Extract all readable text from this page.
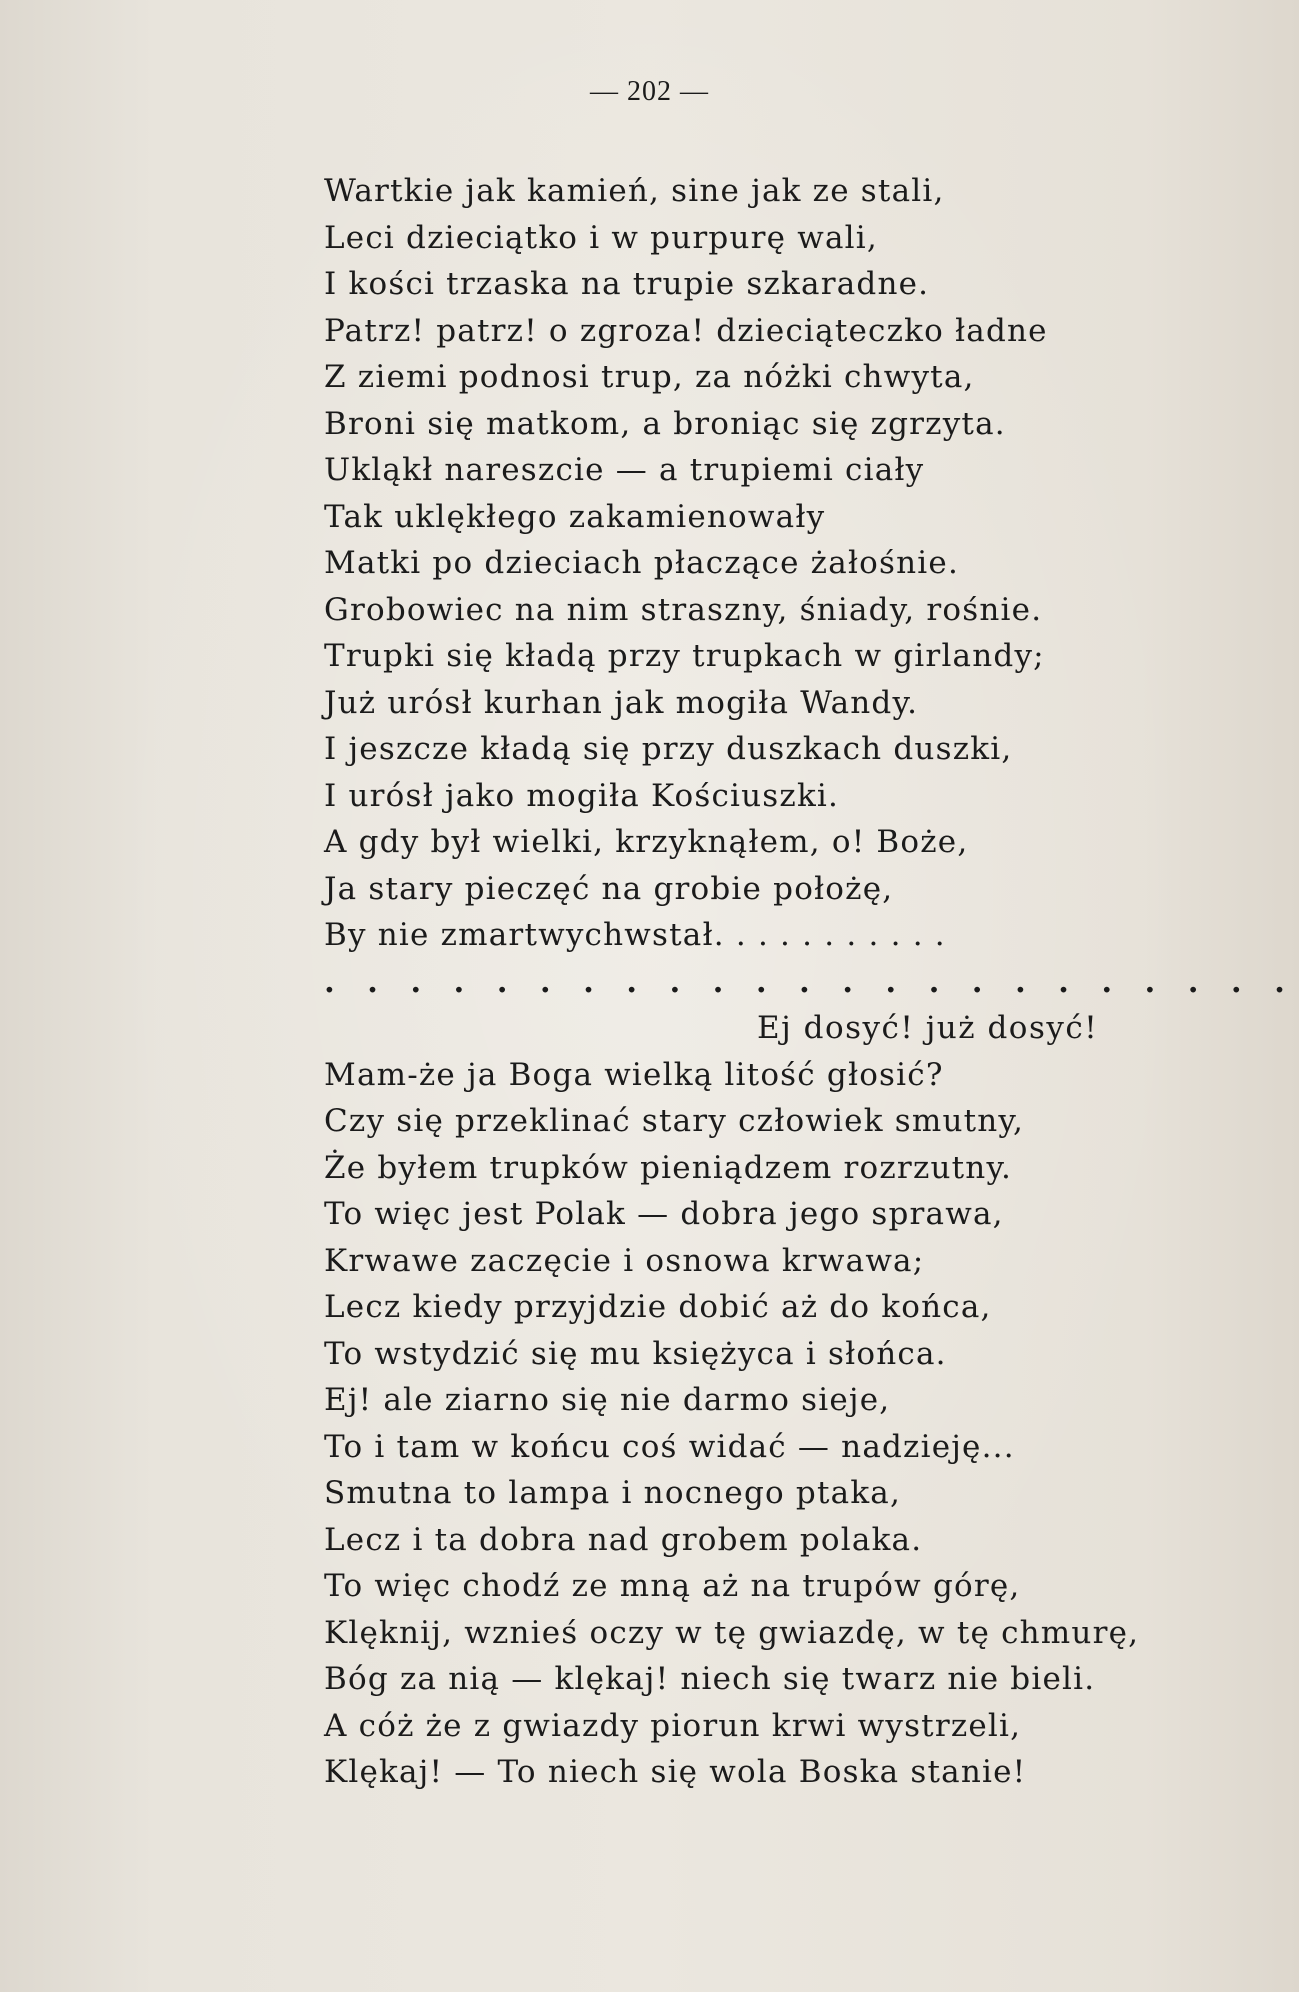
— 202 —
Wartkie jak kamień, sine jak ze stali,
Leci dzieciątko i w purpurę wali,
I kości trzaska na trupie szkaradne.
Patrz! patrz! o zgroza! dzieciąteczko ładne
Z ziemi podnosi trup, za nóżki chwyta,
Broni się matkom, a broniąc się zgrzyta.
Ukląkł nareszcie — a trupiemi ciały
Tak uklękłego zakamienowały
Matki po dzieciach płaczące żałośnie.
Grobowiec na nim straszny, śniady, rośnie.
Trupki się kładą przy trupkach w girlandy;
Już urósł kurhan jak mogiła Wandy.
I jeszcze kładą się przy duszkach duszki,
I urósł jako mogiła Kościuszki.
A gdy był wielki, krzyknąłem, o! Boże,
Ja stary pieczęć na grobie położę,
By nie zmartwychwstał. . . . . . . . . . .
. . . . . . . . . . . . . . . . . . . . . . .
Ej dosyć! już dosyć!
Mam-że ja Boga wielką litość głosić?
Czy się przeklinać stary człowiek smutny,
Że byłem trupków pieniądzem rozrzutny.
To więc jest Polak — dobra jego sprawa,
Krwawe zaczęcie i osnowa krwawa;
Lecz kiedy przyjdzie dobić aż do końca,
To wstydzić się mu księżyca i słońca.
Ej! ale ziarno się nie darmo sieje,
To i tam w końcu coś widać — nadzieję...
Smutna to lampa i nocnego ptaka,
Lecz i ta dobra nad grobem polaka.
To więc chodź ze mną aż na trupów górę,
Klęknij, wznieś oczy w tę gwiazdę, w tę chmurę,
Bóg za nią — klękaj! niech się twarz nie bieli.
A cóż że z gwiazdy piorun krwi wystrzeli,
Klękaj! — To niech się wola Boska stanie!
